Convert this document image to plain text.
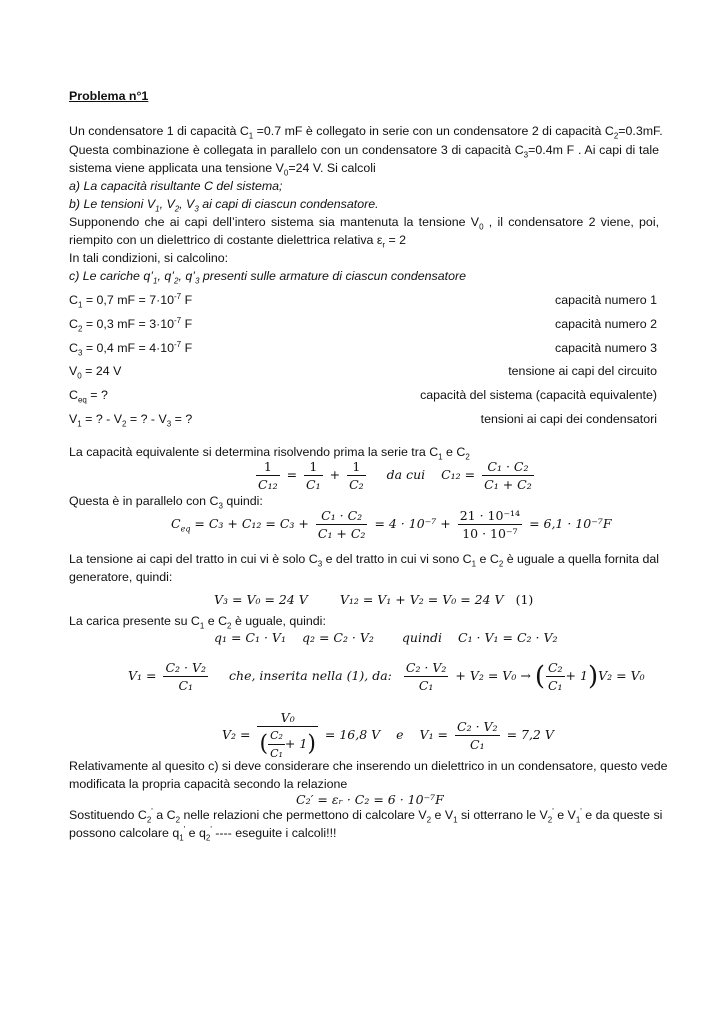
Problema n°1
Un condensatore 1 di capacità $C_1 =0.7$ mF è collegato in serie con un condensatore 2 di capacità $C_2=0.3mF$.
Questa combinazione è collegata in parallelo con un condensatore 3 di capacità $C_3=0.4m$ F . Ai capi di tale
sistema viene applicata una tensione $V_0=24$ V. Si calcoli
a) La capacità risultante C del sistema;
b) Le tensioni $V_1$, $V_2$, $V_3$ ai capi di ciascun condensatore.
Supponendo che ai capi dell’intero sistema sia mantenuta la tensione $V_0$ , il condensatore 2 viene, poi,
riempito con un dielettrico di costante dielettrica relativa $\varepsilon_r = 2$
In tali condizioni, si calcolino:
c) Le cariche $q’_1$, $q’_2$, $q’_3$ presenti sulle armature di ciascun condensatore
$C_1 = 0,7$ mF = $7\cdot 10^{-7}$ F	capacità numero 1
$C_2 = 0,3$ mF = $3\cdot 10^{-7}$ F	capacità numero 2
$C_3 = 0,4$ mF = $4\cdot 10^{-7}$ F	capacità numero 3
$V_0 = 24$ V	tensione ai capi del circuito
$C_{eq}$ = ?	capacità del sistema (capacità equivalente)
$V_1$ = ? - $V_2$ = ? - $V_3$ = ?	tensioni ai capi dei condensatori
La capacità equivalente si determina risolvendo prima la serie tra $C_1$ e $C_2$
$\frac{1}{\text{C₁₂}} = \frac{1}{\text{C₁}} + \frac{1}{\text{C₂}}$ da cui $C_{12} = \frac{\text{C₁ · C₂}}{\text{C₁ + C₂}}$
Questa è in parallelo con $C_3$ quindi:
$C_{eq} = C_3 + C_{12} = C_3 + \frac{\text{C₁ · C₂}}{\text{C₁ + C₂}} = 4 \cdot 10^{-7} + \frac{\text{21 · 10⁻¹⁴}}{\text{10 · 10⁻⁷}} = 6,1 \cdot 10^{-7}F$
La tensione ai capi del tratto in cui vi è solo $C_3$ e del tratto in cui vi sono $C_1$ e $C_2$ è uguale a quella fornita dal
generatore, quindi:
V₃ = V₀ = 24 V	V₁₂ = V₁ + V₂ = V₀ = 24 V (1)
La carica presente su $C_1$ e $C_2$ è uguale, quindi:
q₁ = C₁ · V₁ q₂ = C₂ · V₂ quindi C₁ · V₁ = C₂ · V₂
$V_1 = \frac{\text{C₂ · V₂}}{\text{C₁}}$ che, inserita nella (1), da: $\frac{\text{C₂ · V₂}}{\text{C₁}} + V_2 = V_0$ → ( $\frac{\text{C₂}}{\text{C₁}} + 1)V_2 = V_0$
$V_2 = \frac{\text{V₀}}{( \frac{\text{C₂}}{\text{C₁}} + 1)} = 16,8$ V e $V_1 = \frac{\text{C₂ · V₂}}{\text{C₁}} = 7,2$ V
Relativamente al quesito c) si deve considerare che inserendo un dielettrico in un condensatore, questo vede
modificata la propria capacità secondo la relazione
C₂′ = εᵣ · C₂ = 6 · 10⁻⁷F
Sostituendo $C_2'$ a $C_2$ nelle relazioni che permettono di calcolare $V_2$ e $V_1$ si otterrano le $V_2'$ e $V_1'$ e da queste si
possono calcolare $q_1'$ e $q_2'$ ---- eseguite i calcoli!!!
